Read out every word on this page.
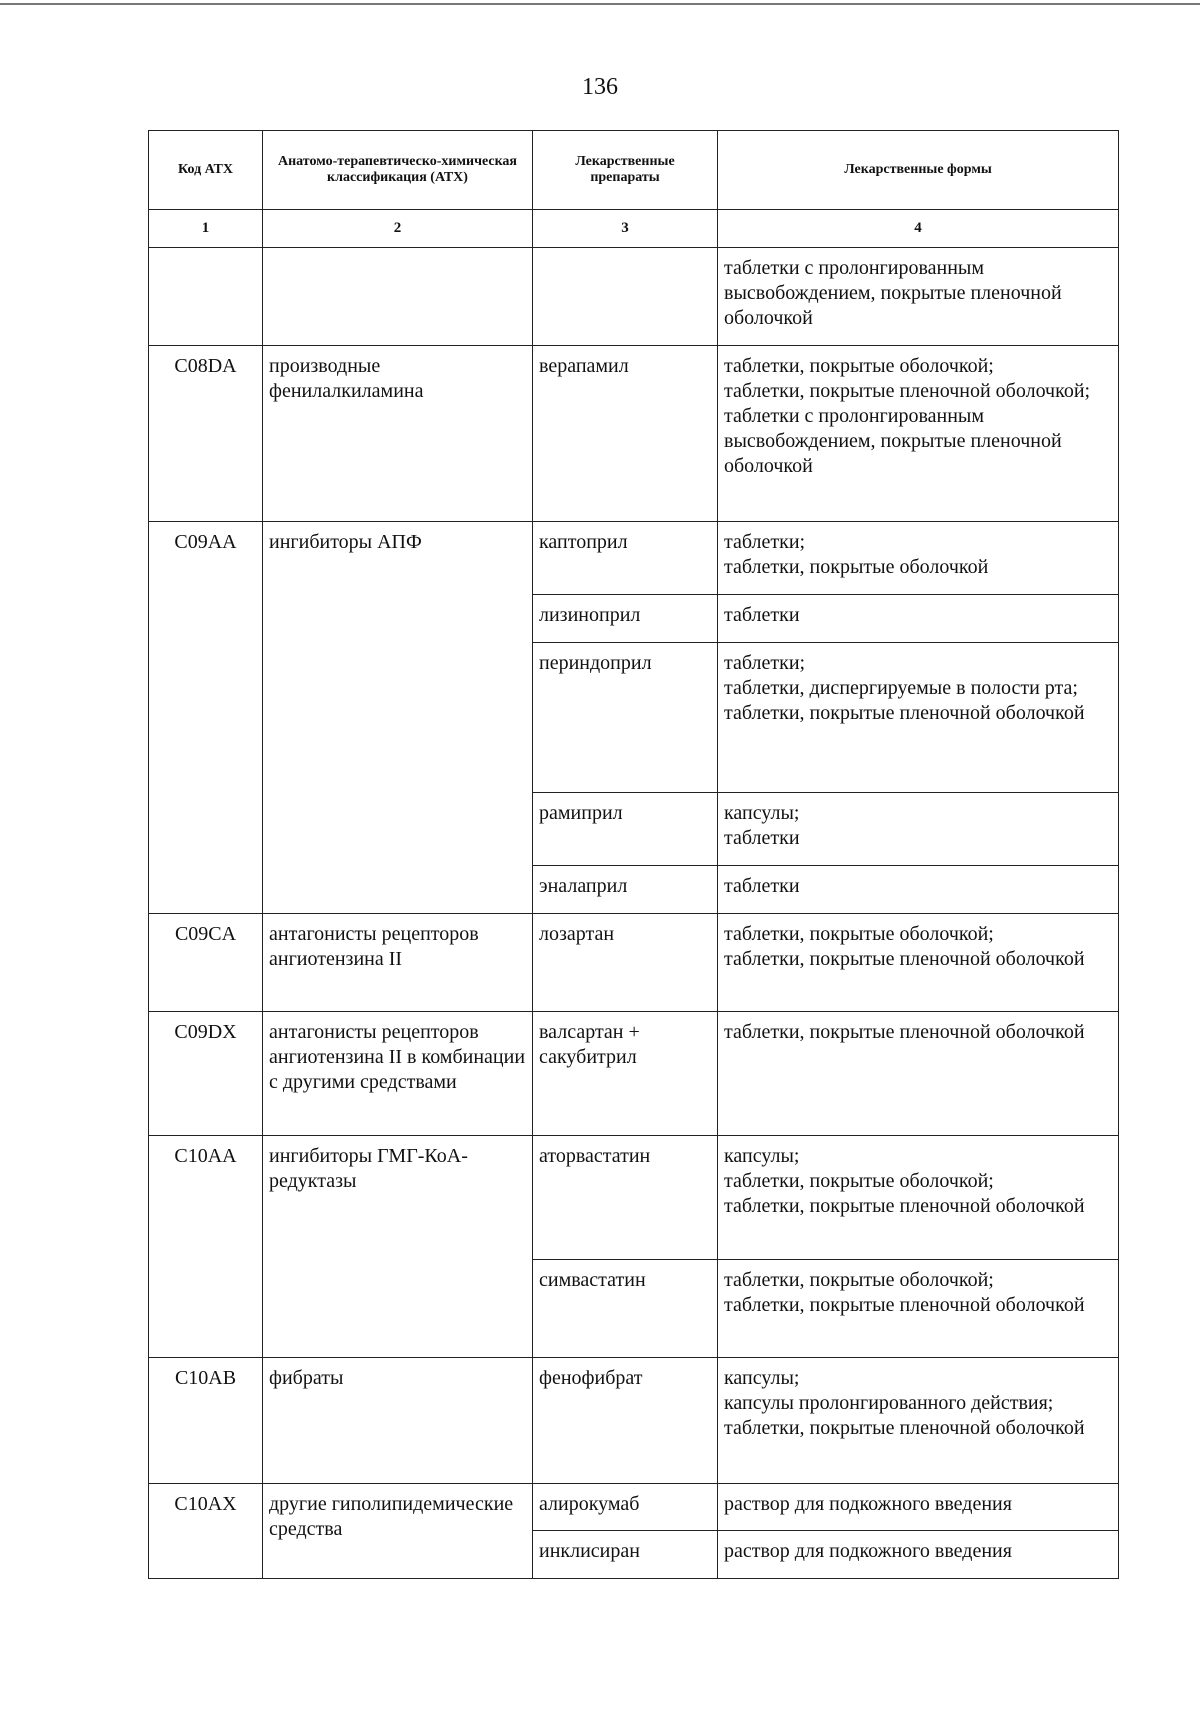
136
Код АТХ	Анатомо-терапевтическо-химическая классификация (АТХ)	Лекарственные препараты	Лекарственные формы
1	2	3	4
			таблетки с пролонгированным высвобождением, покрытые пленочной оболочкой
C08DA	производные фенилалкиламина	верапамил	таблетки, покрытые оболочкой;
таблетки, покрытые пленочной оболочкой;
таблетки с пролонгированным высвобождением, покрытые пленочной оболочкой

C09AA	ингибиторы АПФ	каптоприл	таблетки;
таблетки, покрытые оболочкой

		лизиноприл	таблетки
		периндоприл	таблетки;
таблетки, диспергируемые в полости рта;
таблетки, покрытые пленочной оболочкой

		рамиприл	капсулы;
таблетки

		эналаприл	таблетки
C09CA	антагонисты рецепторов ангиотензина II	лозартан	таблетки, покрытые оболочкой;
таблетки, покрытые пленочной оболочкой

C09DX	антагонисты рецепторов ангиотензина II в комбинации
с другими средствами	валсартан + сакубитрил	таблетки, покрытые пленочной оболочкой
C10AA	ингибиторы ГМГ-КоА-редуктазы	аторвастатин	капсулы;
таблетки, покрытые оболочкой;
таблетки, покрытые пленочной оболочкой

		симвастатин	таблетки, покрытые оболочкой;
таблетки, покрытые пленочной оболочкой

C10AB	фибраты	фенофибрат	капсулы;
капсулы пролонгированного действия;
таблетки, покрытые пленочной оболочкой

C10AX	другие гиполипидемические средства	алирокумаб	раствор для подкожного введения
		инклисиран	раствор для подкожного введения
